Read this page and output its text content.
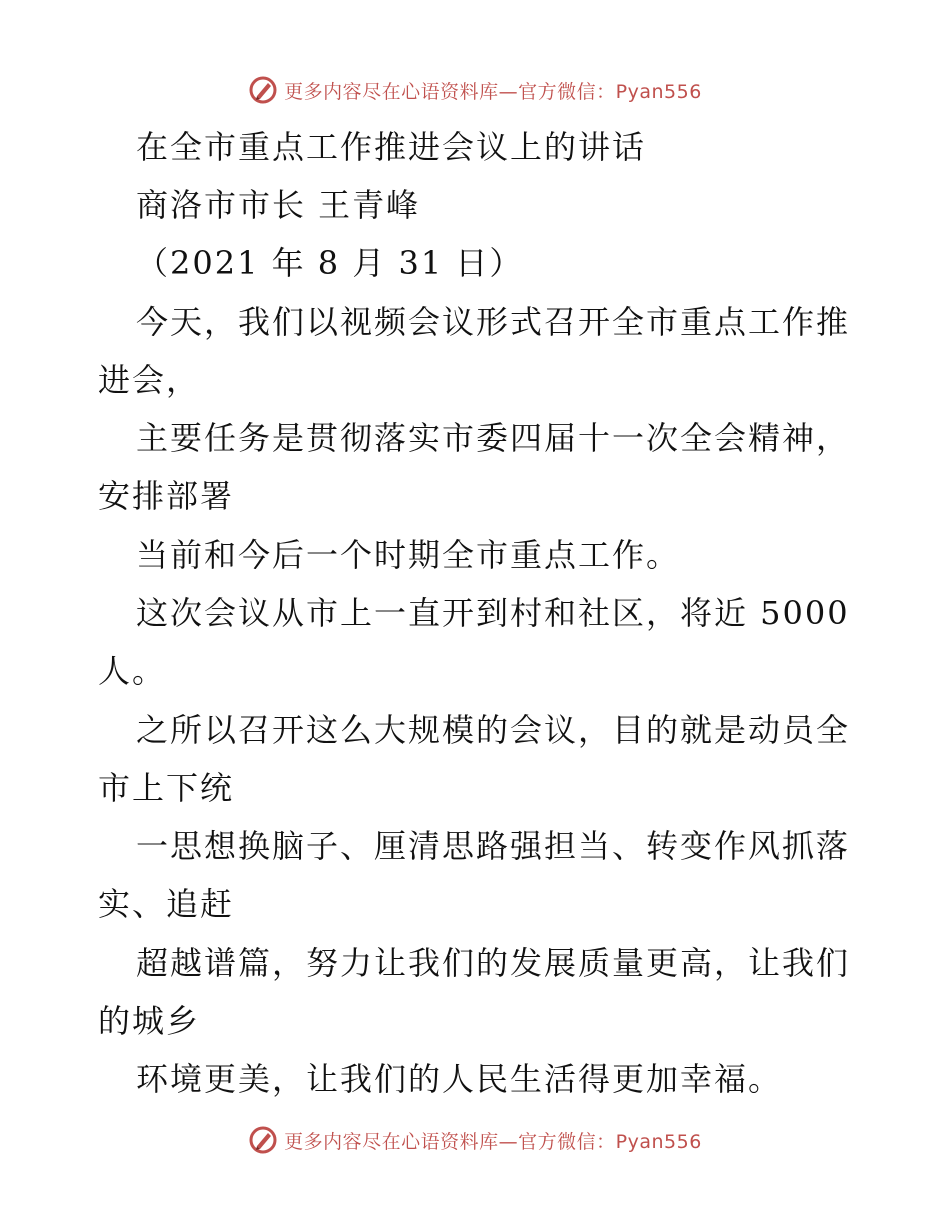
更多内容尽在心语资料库—官方微信：Pyan556
在全市重点工作推进会议上的讲话
商洛市市长 王青峰
（2021 年 8 月 31 日）
今天，我们以视频会议形式召开全市重点工作推
进会，
主要任务是贯彻落实市委四届十一次全会精神，
安排部署
当前和今后一个时期全市重点工作。
这次会议从市上一直开到村和社区，将近 5000
人。
之所以召开这么大规模的会议，目的就是动员全
市上下统
一思想换脑子、厘清思路强担当、转变作风抓落
实、追赶
超越谱篇，努力让我们的发展质量更高，让我们
的城乡
环境更美，让我们的人民生活得更加幸福。
更多内容尽在心语资料库—官方微信：Pyan556
